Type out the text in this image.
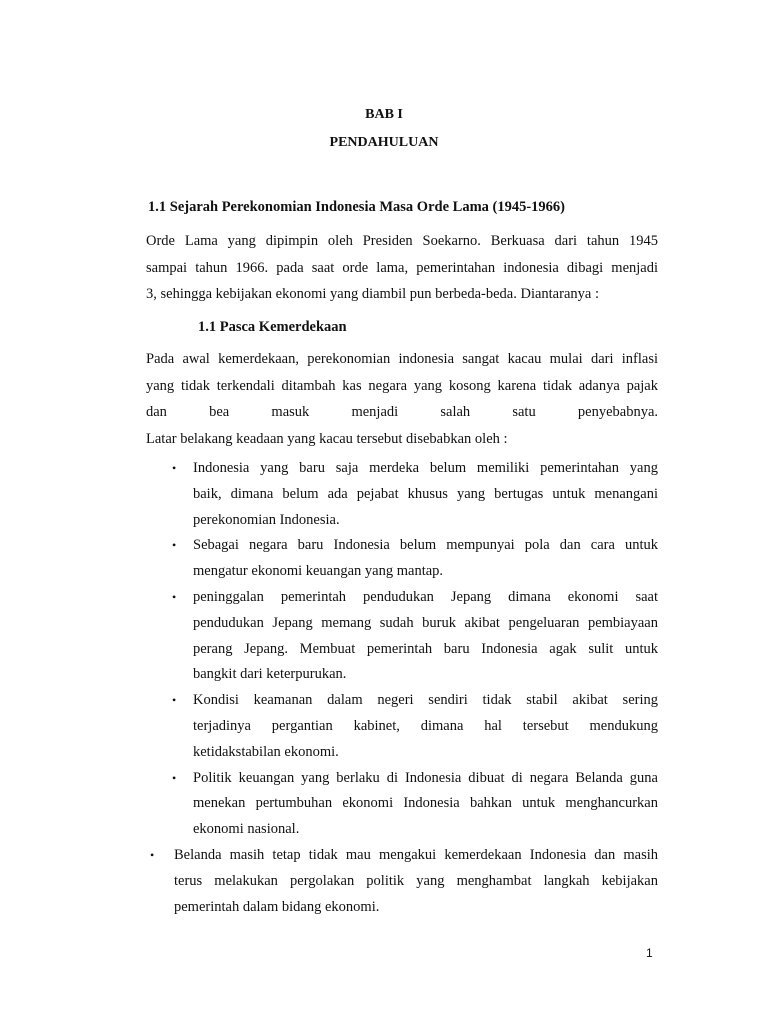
BAB I
PENDAHULUAN
1.1 Sejarah Perekonomian Indonesia Masa Orde Lama (1945-1966)

Orde Lama yang dipimpin oleh Presiden Soekarno. Berkuasa dari tahun 1945
sampai tahun 1966. pada saat orde lama, pemerintahan indonesia dibagi menjadi
3, sehingga kebijakan ekonomi yang diambil pun berbeda-beda. Diantaranya :

1.1 Pasca Kemerdekaan

Pada awal kemerdekaan, perekonomian indonesia sangat kacau mulai dari inflasi
yang tidak terkendali ditambah kas negara yang kosong karena tidak adanya pajak
dan bea masuk menjadi salah satu penyebabnya.
Latar belakang keadaan yang kacau tersebut disebabkan oleh :

• Indonesia yang baru saja merdeka belum memiliki pemerintahan yang
baik, dimana belum ada pejabat khusus yang bertugas untuk menangani
perekonomian Indonesia.
• Sebagai negara baru Indonesia belum mempunyai pola dan cara untuk
mengatur ekonomi keuangan yang mantap.
• peninggalan pemerintah pendudukan Jepang dimana ekonomi saat
pendudukan Jepang memang sudah buruk akibat pengeluaran pembiayaan
perang Jepang. Membuat pemerintah baru Indonesia agak sulit untuk
bangkit dari keterpurukan.
• Kondisi keamanan dalam negeri sendiri tidak stabil akibat sering
terjadinya pergantian kabinet, dimana hal tersebut mendukung
ketidakstabilan ekonomi.
• Politik keuangan yang berlaku di Indonesia dibuat di negara Belanda guna
menekan pertumbuhan ekonomi Indonesia bahkan untuk menghancurkan
ekonomi nasional.
• Belanda masih tetap tidak mau mengakui kemerdekaan Indonesia dan masih
terus melakukan pergolakan politik yang menghambat langkah kebijakan
pemerintah dalam bidang ekonomi.

1
